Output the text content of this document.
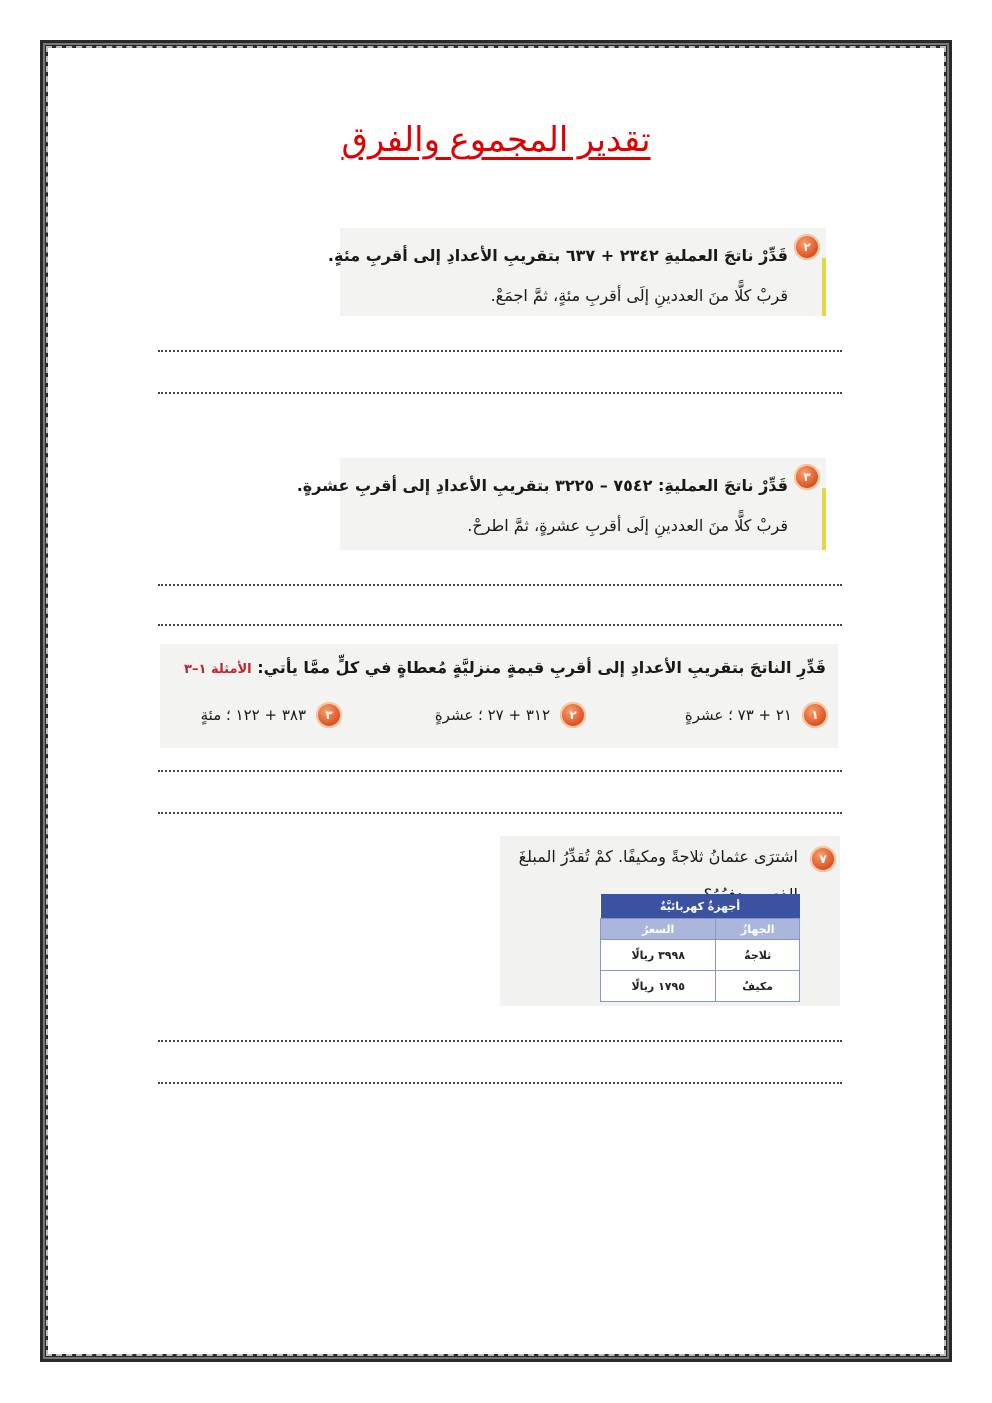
تقدير المجموع والفرق
٢

قَدِّرْ ناتجَ العمليةِ ٢٣٤٢ + ٦٣٧ بتقريبِ الأعدادِ إلى أقربِ مئةٍ.

قربْ كلًّا منَ العددينِ إلَى أقربِ مئةٍ، ثمَّ اجمَعْ.

٣

قَدِّرْ ناتجَ العمليةِ: ٧٥٤٢ – ٣٢٢٥ بتقريبِ الأعدادِ إلى أقربِ عشرةٍ.

قربْ كلًّا منَ العددينِ إلَى أقربِ عشرةٍ، ثمَّ اطرحْ.

قَدِّرِ الناتجَ بتقريبِ الأعدادِ إلى أقربِ قيمةٍ منزليَّةٍ مُعطاةٍ في كلٍّ ممَّا يأتي: الأمثلة ١–٣

١
٢١ + ٧٣ ؛ عشرةٍ
٢
٣١٢ + ٢٧ ؛ عشرةٍ
٣
٣٨٣ + ١٢٢ ؛ مئةٍ
٧
اشترَى عثمانُ ثلاجةً ومكيفًا. كمْ تُقدِّرُ المبلغَ
أجهزةٌ كهربائيَّةٌ	
الجهازُ	السعرُ
ثلاجةٌ	٣٩٩٨ ريالًا
مكيفٌ	١٧٩٥ ريالًا
